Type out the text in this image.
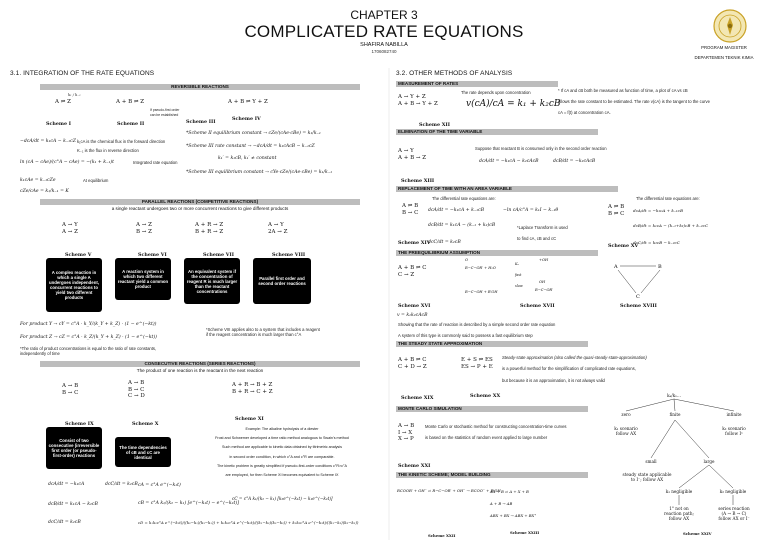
CHAPTER 3
COMPLICATED RATE EQUATIONS
SHAFIRA NABILLA
1706082740
PROGRAM MAGISTER
DEPARTEMEN TEKNIK KIMIA
3.1. INTEGRATION OF THE RATE EQUATIONS
REVERSIBLE REACTIONS
A ⇌ Z
k₁ / k₋₁
Scheme I
A + B ⇌ Z
If pseudo-first order
can be established
Scheme II	Scheme III
A + B ⇌ Y + Z
Scheme IV
−dcA/dt = k₁cA − k₋₁cZ k₁cA is the chemical flux in the forward direction
K₋₁ is the flux in reverse direction
ln (cA − cAe)/(c°A − cAe) = −(k₁ + k₋₁)t	Integrated rate equation
k₁cAe = k₋₁cZe	At equilibrium
cZe/cAe = k₁/k₋₁ = K
*Scheme II equilibrium constant → cZe/(cAe·cBe) = k₁/k₋₁
*Scheme III rate constant → −dcA/dt = k₁cAcB − k₋₁cZ
k₁′ = k₁cB, k₁′ ≠ constant
*Scheme III equilibrium constant → cYe·cZe/(cAe·cBe) = k₁/k₋₁
PARALLEL REACTIONS (COMPETITIVE REACTIONS)
a single reactant undergoes two or more concurrent reactions to give different products
A → Y
A → Z
A → Z
B → Z
A + R → Z
B + R → Z
A → Y
2A → Z
Scheme V	Scheme VI	Scheme VII	Scheme VIII
A complex reaction in which a single A undergoes independent, concurrent reactions to yield two different products
A reaction system in which two different reactant yield a common product
An equivalent system if the concentration of reagent R is much larger than the reactant concentrations
Parallel first order and second order reactions
For product Y → cY = c°A · k_Y/(k_Y + k_Z) · (1 − e^(−kt))
For product Z → cZ = c°A · k_Z/(k_Y + k_Z) · (1 − e^(−kt))
*The ratio of product concentrations is equal to the ratio of rate constants,
independently of time
*Scheme VIII applies also to a system that includes a reagent
if the reagent concentration is much larger than c°A
CONSECUTIVE REACTIONS (SERIES REACTIONS)
The product of one reaction is the reactant in the next reaction
A → B
B → C
A → B
B → C
C → D
A + R → B + Z
B + R → C + Z
Scheme IX	Scheme X
Scheme XI
Consist of two consecutive (irreversible first order (or pseudo-first-order) reactions
The time dependencies of cB and cC are identical
Example: The alkaline hydrolysis of a diester
Frost and Schwemer developed a time ratio method analogous to Swain's method
Such method are applicable to kinetic data obtained by titrimetric analysis
in second order condition, in which c°A and c°R are comparable.
The kinetic problem is greatly simplified if pseudo-first-order conditions c°R>c°A
are employed, for then Scheme XI becomes equivalent to Scheme IX
dcA/dt = −k₁cA
dcB/dt = k₁cA − k₂cB
dcC/dt = k₂cB
dcC/dt = k₂cB cA = c°A e^(−k₁t)
cB = c°A k₁/(k₂ − k₁) [e^(−k₁t) − e^(−k₂t)]
cC = c°A k₁/(k₂ − k₁) [k₂e^(−k₁t) − k₁e^(−k₂t)]
cD = k₁k₂c°A e^(−k₁t)/((k₂−k₁)(k₃−k₁)) + k₁k₂c°A e^(−k₂t)/((k₁−k₂)(k₃−k₂)) + k₁k₂c°A e^(−k₃t)/((k₁−k₃)(k₂−k₃))
3.2. OTHER METHODS OF ANALYSIS
MEASUREMENT OF RATES
A → Y + Z
A + B → Y + Z
The rate depends upon concentration
v(cA)/cA = k₁ + k₂cB
Scheme XII
* If cA and cB both be measured as function of time, a plot of cA vs cB
allows the rate constant to be estimated. The rate v(cA) is the tangent to the curve
cA = f(t) at concentration cA.
ELIMINATION OF THE TIME VARIABLE
A → Y
A + B → Z
Suppose that reactant B is consumed only in the second order reaction
dcA/dt = −k₁cA − k₂cAcB	dcB/dt = −k₂cAcB
Scheme XIII
REPLACEMENT OF TIME WITH AN AREA VARIABLE
A ⇌ B
B → C
The differential rate equations are:
dcA/dt = −k₁cA + k₋₁cB
dcB/dt = k₁cA − (k₋₁ + k₂)cB
dcC/dt = k₂cB
−ln cA/c°A = k₁I − k₋₁θ
*Laplace Transform is used
to find cA, cB and cC
Scheme XIV
A ⇌ B
B ⇌ C
The differential rate equations are:
dcA/dt = −k₁cA + k₋₁cB
dcB/dt = k₁cA − (k₋₁+k₂)cB + k₋₂cC
dcC/dt = k₂cB − k₋₂cC
Scheme XV
THE PREEQUILIBRIUM ASSUMPTION
A + B ⇌ C
C → Z
v = k₁k₂cAcB
Scheme XVI
O
R−C−OR′ + H₂O
Kₐ
+OH
fast
slow
R−C−OH + R′OH
OH
R−C−OR′
Scheme XVII
A	B
C
Scheme XVIII
Showing that the rate of reaction is described by a simple second order rate equation
A system of this type is commonly said to possess a fast equilibrium step
THE STEADY STATE APPROXIMATION
A + B ⇌ C
C + D → Z
E + S ⇌ ES
ES → P + E
Scheme XIX	Scheme XX
Steady-state approximation (also called the quasi-steady-state-approximation)
is a powerful method for the simplification of complicated rate equations,
but because it is an approximation, it is not always valid
MONTE CARLO SIMULATION
A → B
I → X
X → P
Monte Carlo or stochastic method for constructing concentration-time curves
is based on the statistics of random event applied to large number
Scheme XXI
THE KINETIC SCHEME; MODEL BUILDING
RCOOR′ + OH⁻ ⇌ R−C−OR′ + OH⁻ → RCOO⁻ + R′OH
AX + B ⇌ A + X + B
A + B → AB
ABX + BX → ABX + BX⁺
Scheme XXII
Scheme XXIII
kₐ/kₓ...
zero	finite	infinite
k₁ scenario
follow AX
k₂ scenario
follow Iⁿ
small	large
steady state applicable
to I⁻; follow AX
k₁ negligible	k₂ negligible
1° not on
reaction path;
follow AX
series reaction
(A → B → C)
follow AX or I⁻
Scheme XXIV
